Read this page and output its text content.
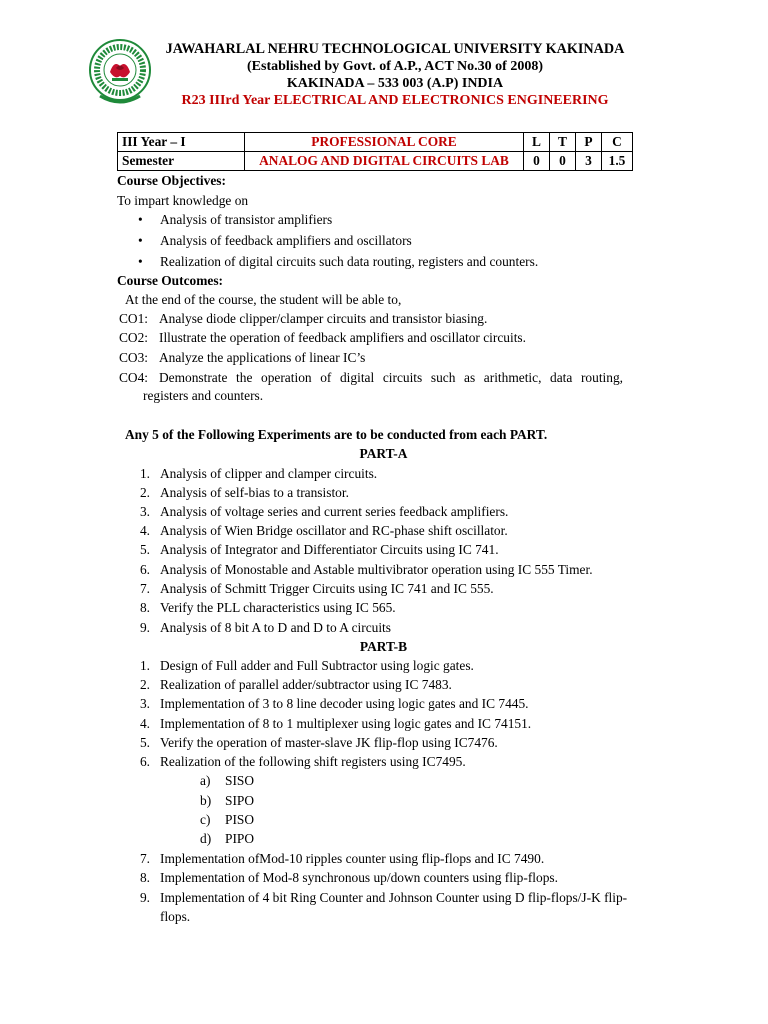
JAWAHARLAL NEHRU TECHNOLOGICAL UNIVERSITY KAKINADA
(Established by Govt. of A.P., ACT No.30 of 2008)
KAKINADA – 533 003 (A.P) INDIA
R23 IIIrd Year ELECTRICAL AND ELECTRONICS ENGINEERING
III Year – I	PROFESSIONAL CORE	L	T	P	C
Semester	ANALOG AND DIGITAL CIRCUITS LAB	0	0	3	1.5
Course Objectives:
To impart knowledge on
• Analysis of transistor amplifiers
• Analysis of feedback amplifiers and oscillators
• Realization of digital circuits such data routing, registers and counters.
Course Outcomes:
At the end of the course, the student will be able to,
CO1: Analyse diode clipper/clamper circuits and transistor biasing.
CO2: Illustrate the operation of feedback amplifiers and oscillator circuits.
CO3: Analyze the applications of linear IC’s
CO4: Demonstrate the operation of digital circuits such as arithmetic, data routing,
registers and counters.
Any 5 of the Following Experiments are to be conducted from each PART.
PART-A
1. Analysis of clipper and clamper circuits.
2. Analysis of self-bias to a transistor.
3. Analysis of voltage series and current series feedback amplifiers.
4. Analysis of Wien Bridge oscillator and RC-phase shift oscillator.
5. Analysis of Integrator and Differentiator Circuits using IC 741.
6. Analysis of Monostable and Astable multivibrator operation using IC 555 Timer.
7. Analysis of Schmitt Trigger Circuits using IC 741 and IC 555.
8. Verify the PLL characteristics using IC 565.
9. Analysis of 8 bit A to D and D to A circuits
PART-B
1. Design of Full adder and Full Subtractor using logic gates.
2. Realization of parallel adder/subtractor using IC 7483.
3. Implementation of 3 to 8 line decoder using logic gates and IC 7445.
4. Implementation of 8 to 1 multiplexer using logic gates and IC 74151.
5. Verify the operation of master-slave JK flip-flop using IC7476.
6. Realization of the following shift registers using IC7495.
a)	SISO
b)	SIPO
c)	PISO
d)	PIPO
7. Implementation ofMod-10 ripples counter using flip-flops and IC 7490.
8. Implementation of Mod-8 synchronous up/down counters using flip-flops.
9. Implementation of 4 bit Ring Counter and Johnson Counter using D flip-flops/J-K flip-
flops.
